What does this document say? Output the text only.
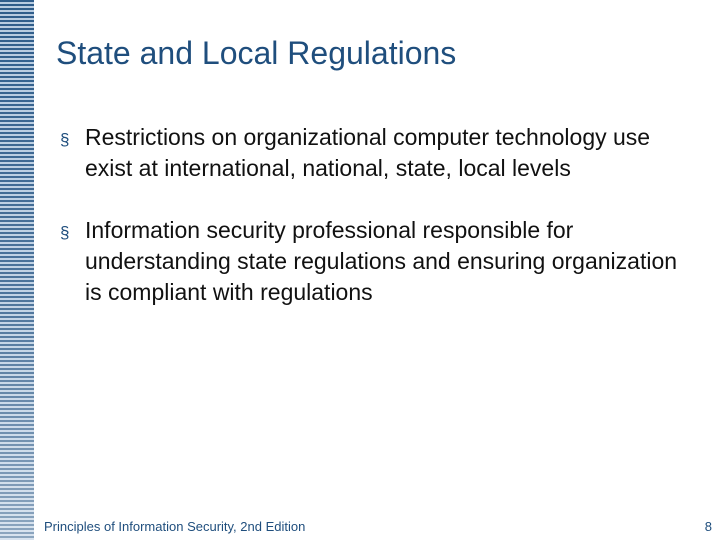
State and Local Regulations
§ Restrictions on organizational computer technology use exist at international, national, state, local levels
§ Information security professional responsible for understanding state regulations and ensuring organization is compliant with regulations
Principles of Information Security, 2nd Edition	8
